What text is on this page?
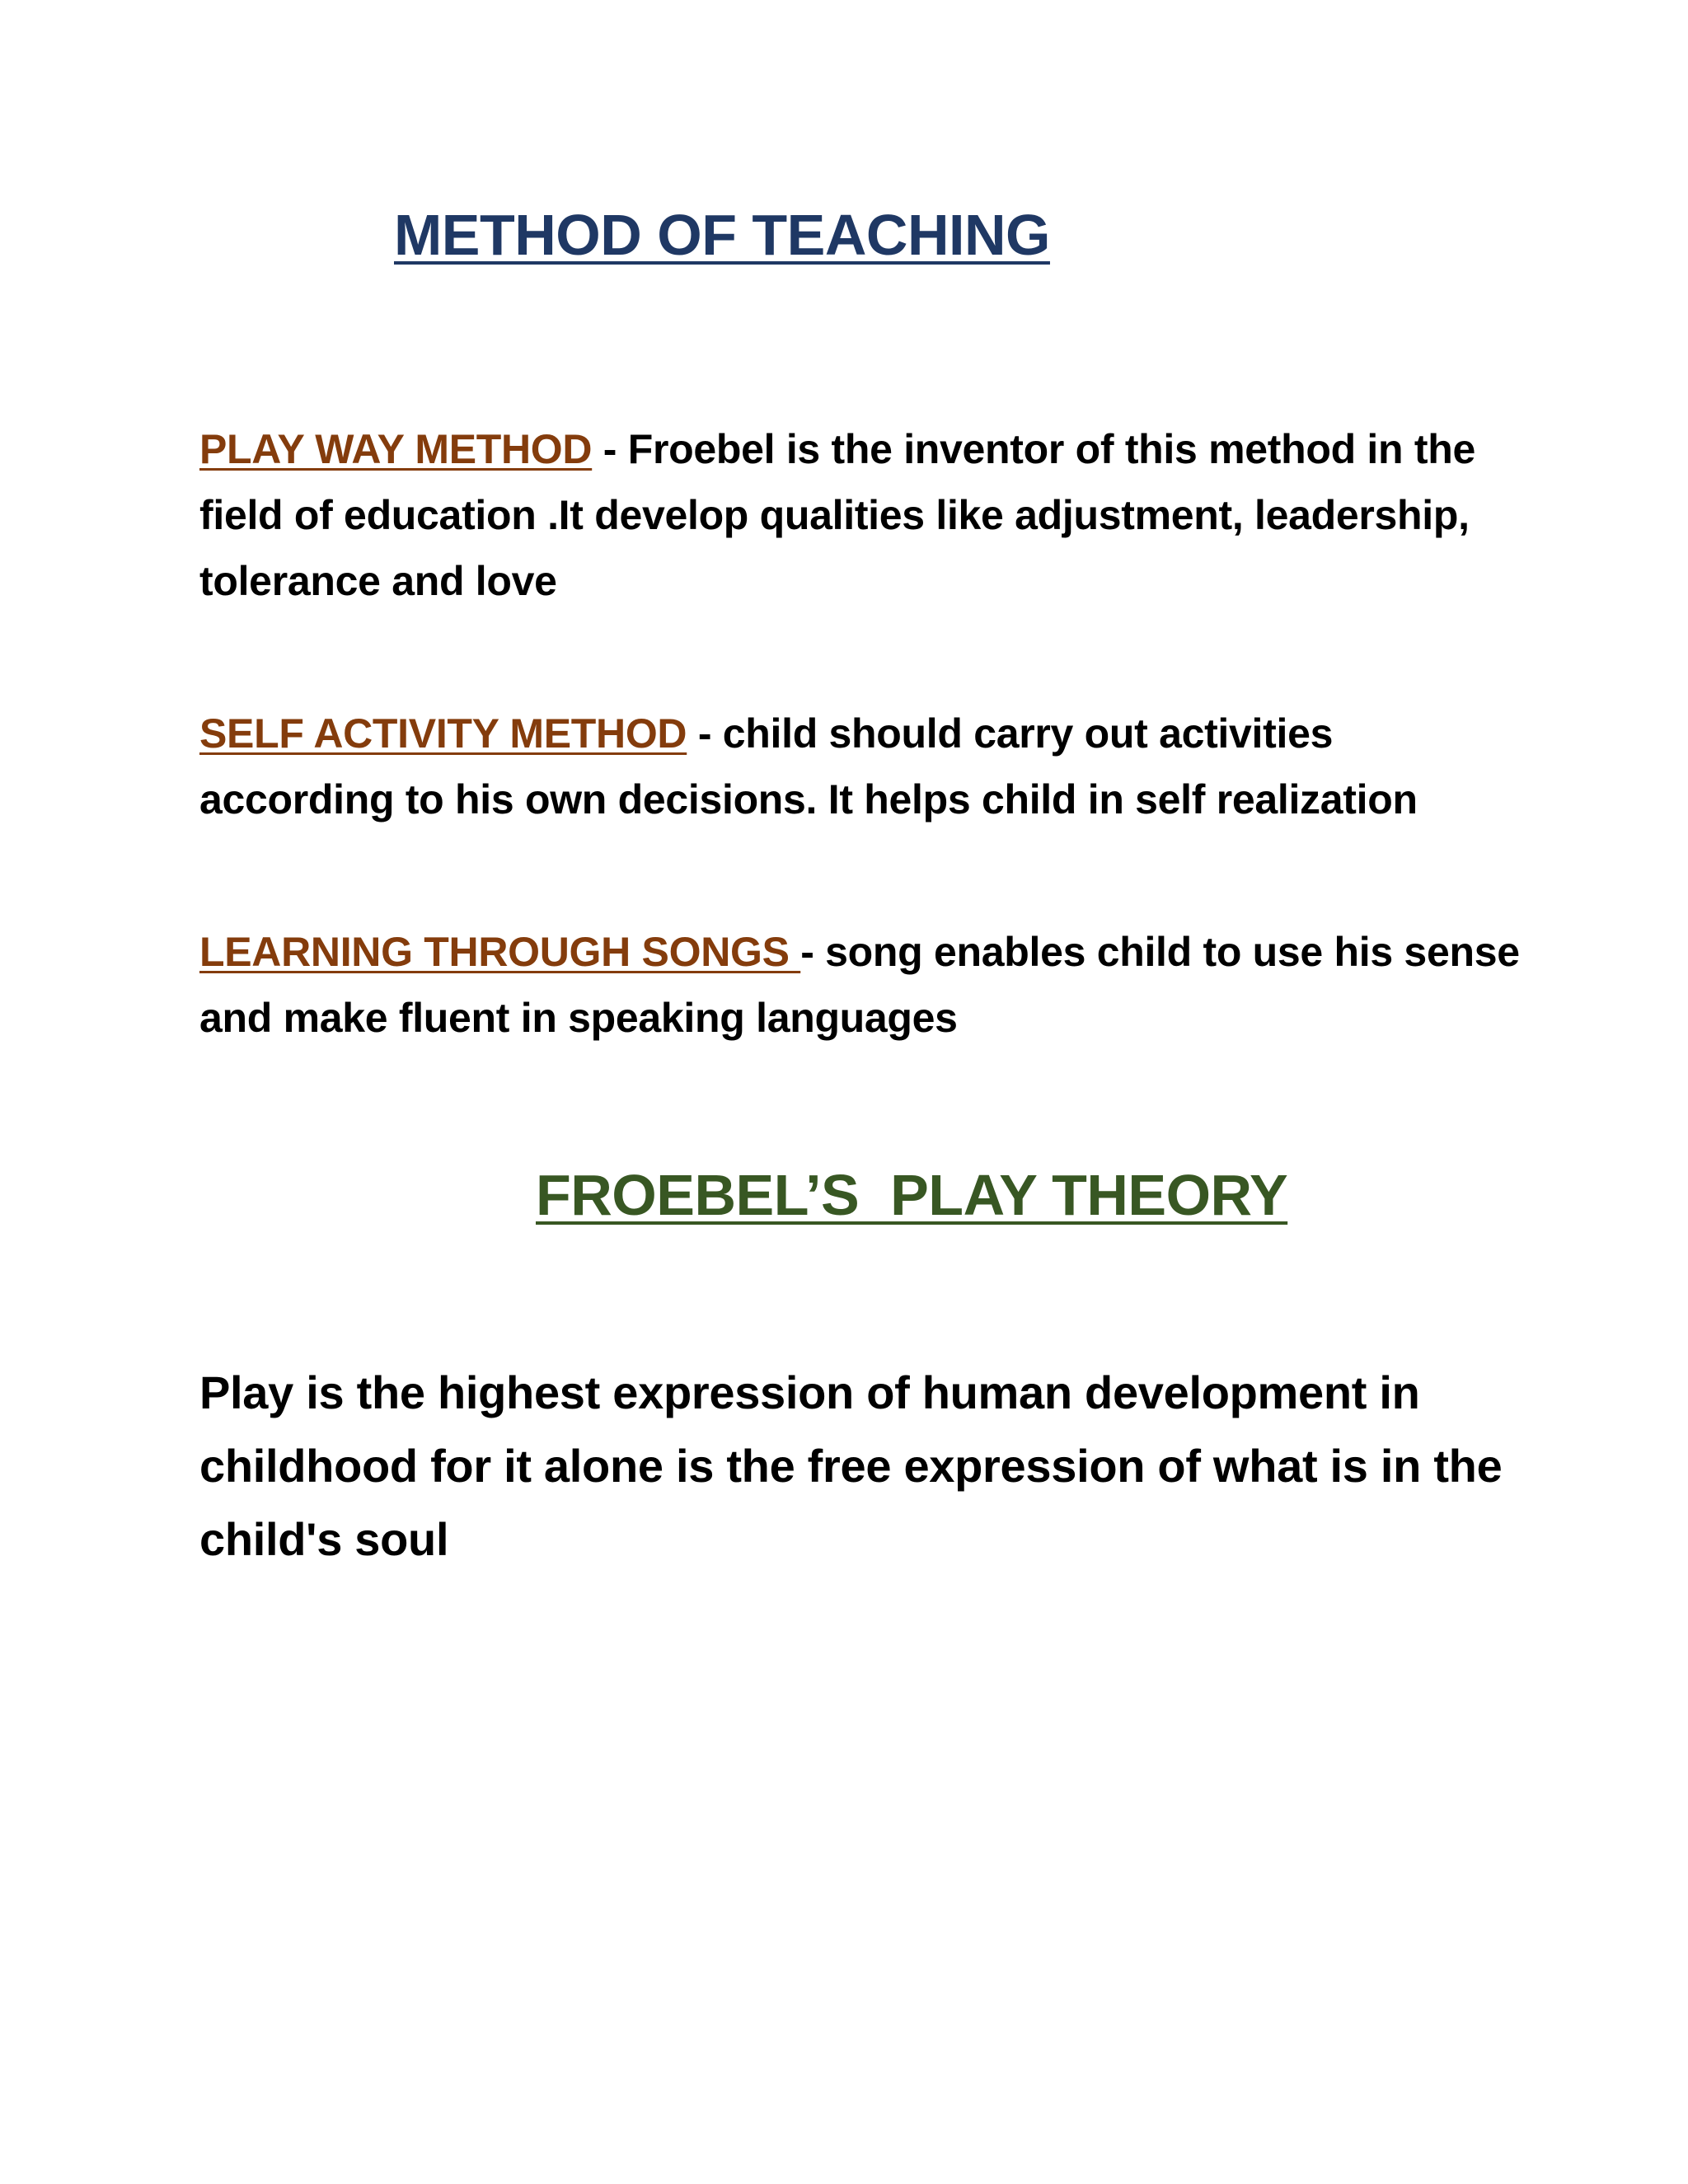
METHOD OF TEACHING

PLAY WAY METHOD - Froebel is the inventor of this method in the field of education .It develop qualities like adjustment, leadership, tolerance and love

SELF ACTIVITY METHOD - child should carry out activities according to his own decisions. It helps child in self realization

LEARNING THROUGH SONGS - song enables child to use his sense and make fluent in speaking languages

FROEBEL’S  PLAY THEORY

Play is the highest expression of human development in childhood for it alone is the free expression of what is in the child's soul
